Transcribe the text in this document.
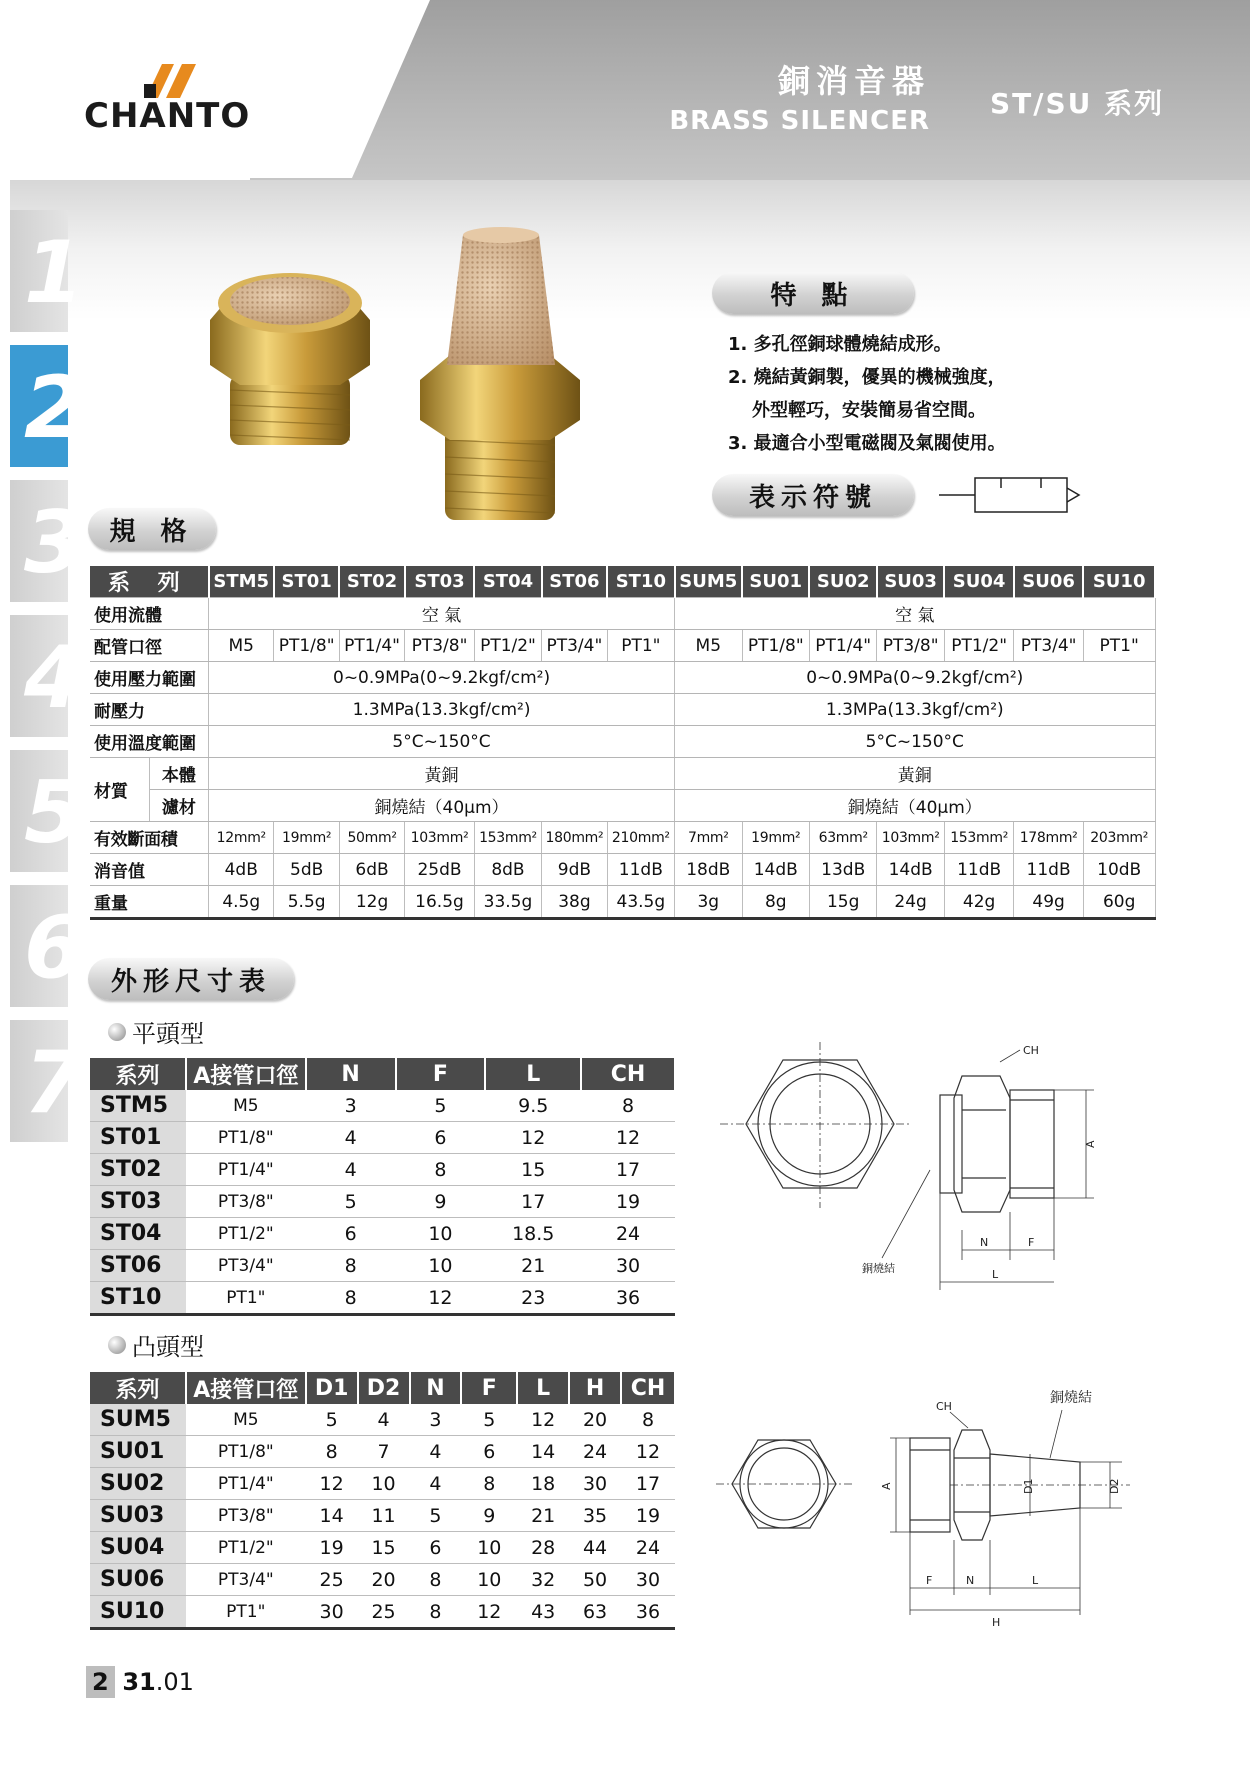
CHANTO
銅消音器
BRASS SILENCER
ST/SU 系列
1
2
3
4
5
6
7
特 點
1. 多孔徑銅球體燒結成形。
2. 燒結黃銅製，優異的機械強度，
外型輕巧，安裝簡易省空間。
3. 最適合小型電磁閥及氣閥使用。
表示符號
規 格
系 列		STM5	ST01	ST02	ST03	ST04	ST06	ST10	SUM5	SU01	SU02	SU03	SU04	SU06	SU10
使用流體		空 氣							空 氣						
配管口徑		M5	PT1/8"	PT1/4"	PT3/8"	PT1/2"	PT3/4"	PT1"	M5	PT1/8"	PT1/4"	PT3/8"	PT1/2"	PT3/4"	PT1"
使用壓力範圍		0~0.9MPa(0~9.2kgf/cm²)							0~0.9MPa(0~9.2kgf/cm²)						
耐壓力		1.3MPa(13.3kgf/cm²)							1.3MPa(13.3kgf/cm²)						
使用溫度範圍		5°C~150°C							5°C~150°C						
材質	本體	黃銅							黃銅						
	濾材	銅燒結（40μm）							銅燒結（40μm）						
有效斷面積		12mm²	19mm²	50mm²	103mm²	153mm²	180mm²	210mm²	7mm²	19mm²	63mm²	103mm²	153mm²	178mm²	203mm²
消音值		4dB	5dB	6dB	25dB	8dB	9dB	11dB	18dB	14dB	13dB	14dB	11dB	11dB	10dB
重量		4.5g	5.5g	12g	16.5g	33.5g	38g	43.5g	3g	8g	15g	24g	42g	49g	60g
外形尺寸表
平頭型
系列	A接管口徑	N	F	L	CH
STM5	M5	3	5	9.5	8
ST01	PT1/8"	4	6	12	12
ST02	PT1/4"	4	8	15	17
ST03	PT3/8"	5	9	17	19
ST04	PT1/2"	6	10	18.5	24
ST06	PT3/4"	8	10	21	30
ST10	PT1"	8	12	23	36
CH
A
N	F
L
銅燒結
凸頭型
系列	A接管口徑	D1	D2	N	F	L	H	CH
SUM5	M5	5	4	3	5	12	20	8
SU01	PT1/8"	8	7	4	6	14	24	12
SU02	PT1/4"	12	10	4	8	18	30	17
SU03	PT3/8"	14	11	5	9	21	35	19
SU04	PT1/2"	19	15	6	10	28	44	24
SU06	PT3/4"	25	20	8	10	32	50	30
SU10	PT1"	30	25	8	12	43	63	36
CH
銅燒結
A	D1	D2
F	N	L
H
2 31.01
